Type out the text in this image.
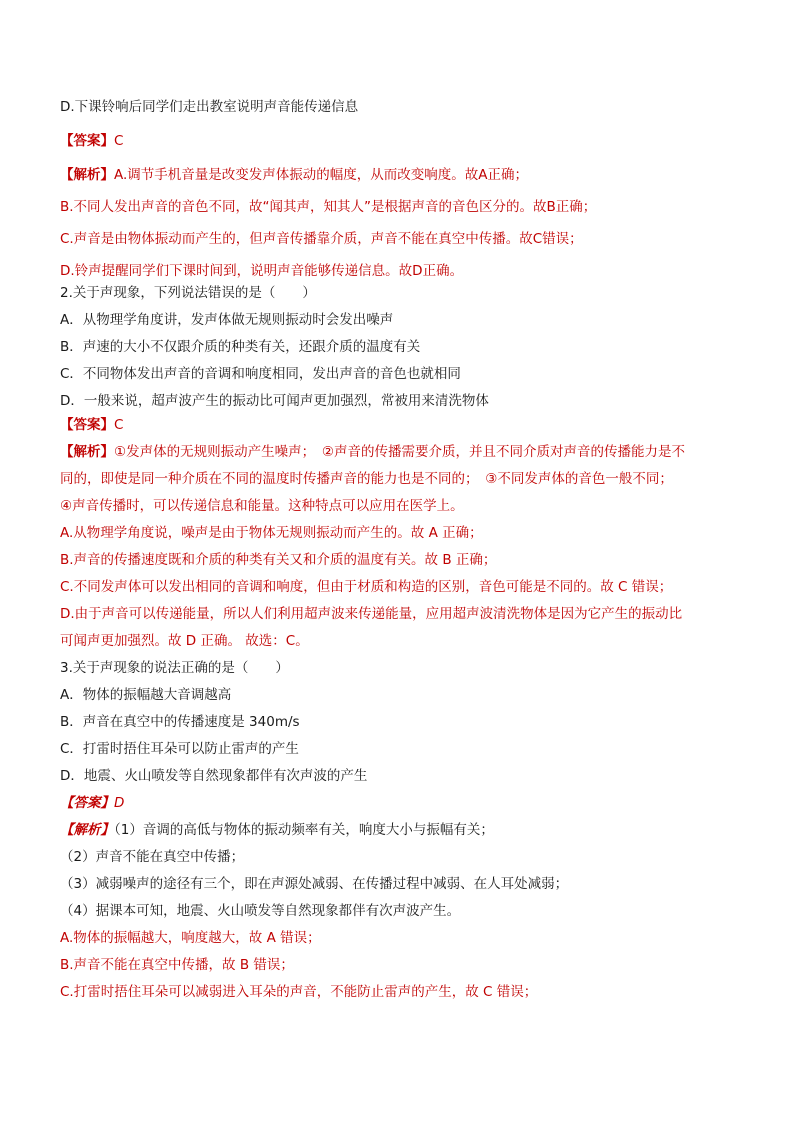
D.下课铃响后同学们走出教室说明声音能传递信息

【答案】C

【解析】A.调节手机音量是改变发声体振动的幅度，从而改变响度。故A正确；

B.不同人发出声音的音色不同，故“闻其声，知其人”是根据声音的音色区分的。故B正确；

C.声音是由物体振动而产生的，但声音传播靠介质，声音不能在真空中传播。故C错误；

D.铃声提醒同学们下课时间到，说明声音能够传递信息。故D正确。

2.关于声现象，下列说法错误的是（　　）

A．从物理学角度讲，发声体做无规则振动时会发出噪声

B．声速的大小不仅跟介质的种类有关，还跟介质的温度有关

C．不同物体发出声音的音调和响度相同，发出声音的音色也就相同

D．一般来说，超声波产生的振动比可闻声更加强烈，常被用来清洗物体

【答案】C

【解析】①发声体的无规则振动产生噪声；　②声音的传播需要介质，并且不同介质对声音的传播能力是不

同的，即使是同一种介质在不同的温度时传播声音的能力也是不同的；　③不同发声体的音色一般不同；

④声音传播时，可以传递信息和能量。这种特点可以应用在医学上。

A.从物理学角度说，噪声是由于物体无规则振动而产生的。故 A 正确；

B.声音的传播速度既和介质的种类有关又和介质的温度有关。故 B 正确；

C.不同发声体可以发出相同的音调和响度，但由于材质和构造的区别，音色可能是不同的。故 C 错误；

D.由于声音可以传递能量，所以人们利用超声波来传递能量，应用超声波清洗物体是因为它产生的振动比

可闻声更加强烈。故 D 正确。 故选：C。

3.关于声现象的说法正确的是（　　）

A．物体的振幅越大音调越高

B．声音在真空中的传播速度是 340m/s

C．打雷时捂住耳朵可以防止雷声的产生

D．地震、火山喷发等自然现象都伴有次声波的产生

【答案】D

【解析】（1）音调的高低与物体的振动频率有关，响度大小与振幅有关；

（2）声音不能在真空中传播；

（3）减弱噪声的途径有三个，即在声源处减弱、在传播过程中减弱、在人耳处减弱；

（4）据课本可知，地震、火山喷发等自然现象都伴有次声波产生。

A.物体的振幅越大，响度越大，故 A 错误；

B.声音不能在真空中传播，故 B 错误；

C.打雷时捂住耳朵可以减弱进入耳朵的声音，不能防止雷声的产生，故 C 错误；
